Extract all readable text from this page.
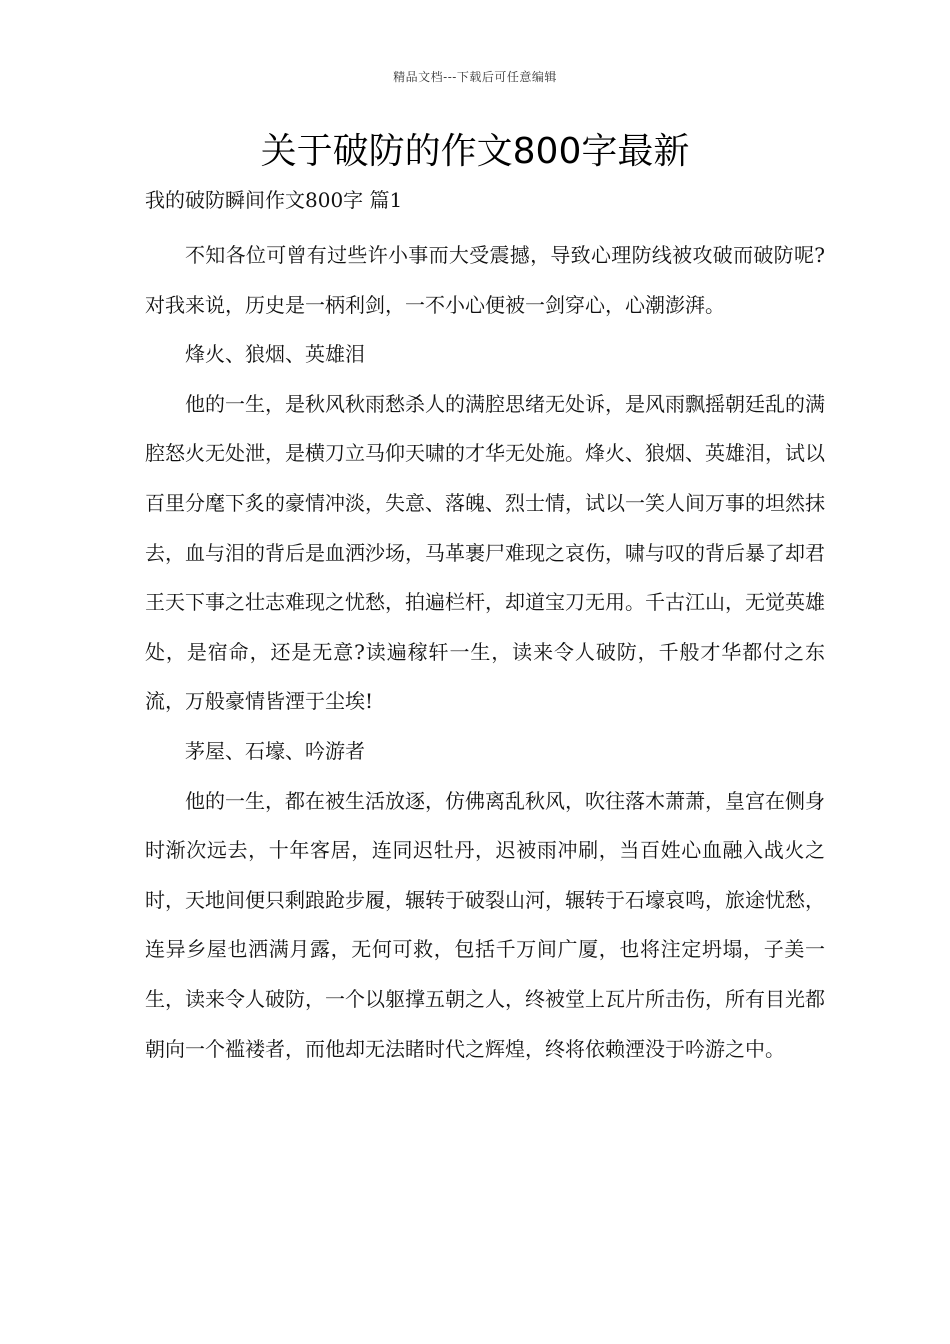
精品文档---下载后可任意编辑
关于破防的作文800字最新
我的破防瞬间作文800字 篇1

不知各位可曾有过些许小事而大受震撼，导致心理防线被攻破而破防呢?对我来说，历史是一柄利剑，一不小心便被一剑穿心，心潮澎湃。

烽火、狼烟、英雄泪

他的一生，是秋风秋雨愁杀人的满腔思绪无处诉，是风雨飘摇朝廷乱的满腔怒火无处泄，是横刀立马仰天啸的才华无处施。烽火、狼烟、英雄泪，试以百里分麾下炙的豪情冲淡，失意、落魄、烈士情，试以一笑人间万事的坦然抹去，血与泪的背后是血洒沙场，马革裹尸难现之哀伤，啸与叹的背后暴了却君王天下事之壮志难现之忧愁，拍遍栏杆，却道宝刀无用。千古江山，无觉英雄处，是宿命，还是无意?读遍稼轩一生，读来令人破防，千般才华都付之东流，万般豪情皆湮于尘埃!

茅屋、石壕、吟游者

他的一生，都在被生活放逐，仿佛离乱秋风，吹往落木萧萧，皇宫在侧身时渐次远去，十年客居，连同迟牡丹，迟被雨冲刷，当百姓心血融入战火之时，天地间便只剩踉跄步履，辗转于破裂山河，辗转于石壕哀鸣，旅途忧愁，连异乡屋也洒满月露，无何可救，包括千万间广厦，也将注定坍塌，子美一生，读来令人破防，一个以躯撑五朝之人，终被堂上瓦片所击伤，所有目光都朝向一个褴褛者，而他却无法睹时代之辉煌，终将依赖湮没于吟游之中。
